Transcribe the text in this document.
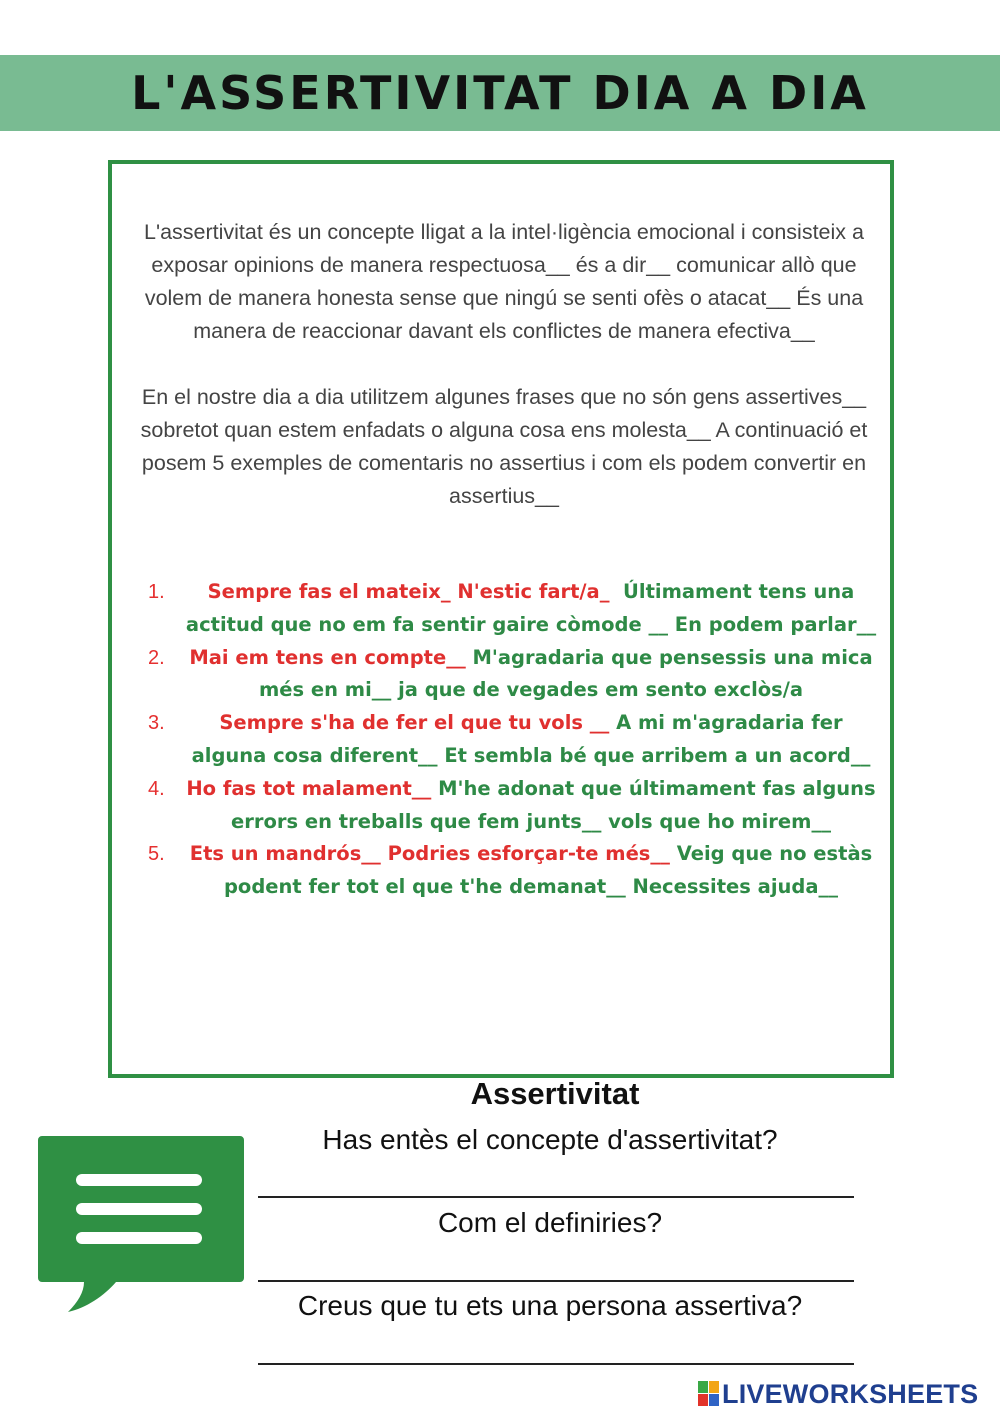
L'ASSERTIVITAT DIA A DIA

L'assertivitat és un concepte lligat a la intel·ligència emocional i consisteix a exposar opinions de manera respectuosa__ és a dir__ comunicar allò que volem de manera honesta sense que ningú se senti ofès o atacat__ És una manera de reaccionar davant els conflictes de manera efectiva__

En el nostre dia a dia utilitzem algunes frases que no són gens assertives__ sobretot quan estem enfadats o alguna cosa ens molesta__ A continuació et posem 5 exemples de comentaris no assertius i com els podem convertir en assertius__

1. Sempre fas el mateix_ N'estic fart/a_ Últimament tens una actitud que no em fa sentir gaire còmode __ En podem parlar__
2. Mai em tens en compte__ M'agradaria que pensessis una mica més en mi__ ja que de vegades em sento exclòs/a
3.	Sempre s'ha de fer el que tu vols __ A mi m'agradaria fer alguna cosa diferent__ Et sembla bé que arribem a un acord__
4. Ho fas tot malament__ M'he adonat que últimament fas alguns errors en treballs que fem junts__ vols que ho mirem__
5. Ets un mandrós__ Podries esforçar-te més__ Veig que no estàs podent fer tot el que t'he demanat__ Necessites ajuda__
Assertivitat
Has entès el concepte d'assertivitat?
Com el definiries?
Creus que tu ets una persona assertiva?
LIVEWORKSHEETS
